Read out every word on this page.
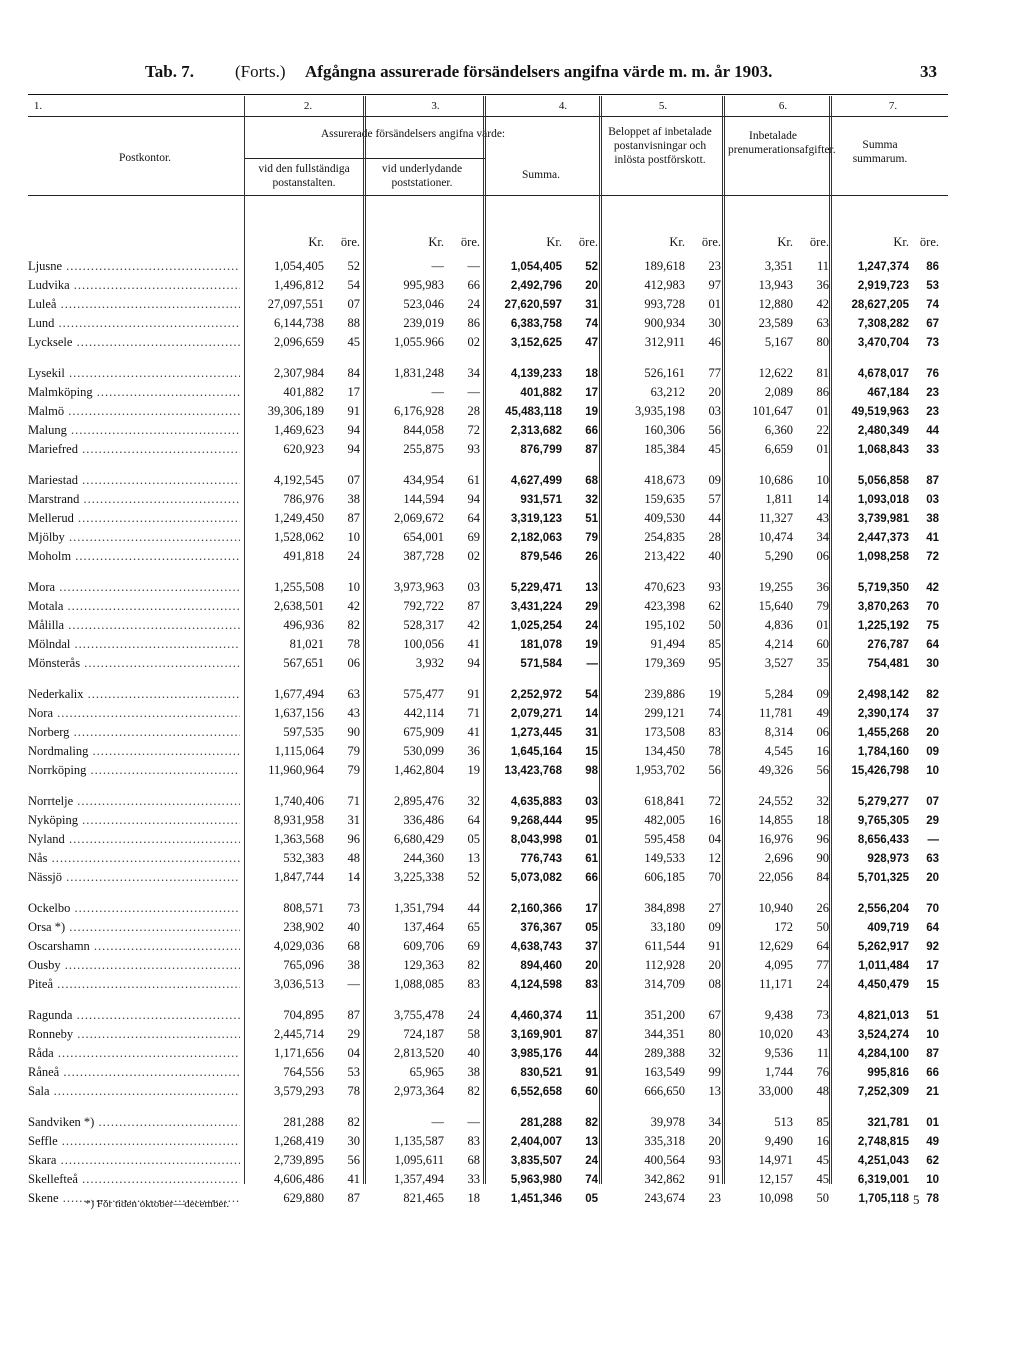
Tab. 7. (Forts.) Afgångna assurerade försändelsers angifna värde m. m. år 1903.	33
1.	2.	3.	4.	5.	6.	7.
Postkontor.
Assurerade försändelsers angifna värde:
vid den fullständiga postanstalten.
vid underlydande poststationer.
Summa.
Beloppet af inbetalade postanvisningar och inlösta postförskott.
Inbetalade prenumerationsafgifter.	Summa summarum.
	Kr.	öre.	Kr.	öre.	Kr.	öre.	Kr.	öre.	Kr.	öre.	Kr.	öre.

Ljusne .....	1,054,405	52	—	—	1,054,405	52	189,618	23	3,351	11	1,247,374	86

Ludvika .....	1,496,812	54	995,983	66	2,492,796	20	412,983	97	13,943	36	2,919,723	53

Luleå .....	27,097,551	07	523,046	24	27,620,597	31	993,728	01	12,880	42	28,627,205	74

Lund .....	6,144,738	88	239,019	86	6,383,758	74	900,934	30	23,589	63	7,308,282	67

Lycksele .....	2,096,659	45	1,055.966	02	3,152,625	47	312,911	46	5,167	80	3,470,704	73

Lysekil .....	2,307,984	84	1,831,248	34	4,139,233	18	526,161	77	12,622	81	4,678,017	76

Malmköping .....	401,882	17	—	—	401,882	17	63,212	20	2,089	86	467,184	23

Malmö .....	39,306,189	91	6,176,928	28	45,483,118	19	3,935,198	03	101,647	01	49,519,963	23

Malung .....	1,469,623	94	844,058	72	2,313,682	66	160,306	56	6,360	22	2,480,349	44

Mariefred .....	620,923	94	255,875	93	876,799	87	185,384	45	6,659	01	1,068,843	33

Mariestad .....	4,192,545	07	434,954	61	4,627,499	68	418,673	09	10,686	10	5,056,858	87

Marstrand .....	786,976	38	144,594	94	931,571	32	159,635	57	1,811	14	1,093,018	03

Mellerud .....	1,249,450	87	2,069,672	64	3,319,123	51	409,530	44	11,327	43	3,739,981	38

Mjölby .....	1,528,062	10	654,001	69	2,182,063	79	254,835	28	10,474	34	2,447,373	41

Moholm .....	491,818	24	387,728	02	879,546	26	213,422	40	5,290	06	1,098,258	72

Mora .....	1,255,508	10	3,973,963	03	5,229,471	13	470,623	93	19,255	36	5,719,350	42

Motala .....	2,638,501	42	792,722	87	3,431,224	29	423,398	62	15,640	79	3,870,263	70

Målilla .....	496,936	82	528,317	42	1,025,254	24	195,102	50	4,836	01	1,225,192	75

Mölndal .....	81,021	78	100,056	41	181,078	19	91,494	85	4,214	60	276,787	64

Mönsterås .....	567,651	06	3,932	94	571,584	—	179,369	95	3,527	35	754,481	30

Nederkalix .....	1,677,494	63	575,477	91	2,252,972	54	239,886	19	5,284	09	2,498,142	82

Nora .....	1,637,156	43	442,114	71	2,079,271	14	299,121	74	11,781	49	2,390,174	37

Norberg .....	597,535	90	675,909	41	1,273,445	31	173,508	83	8,314	06	1,455,268	20

Nordmaling .....	1,115,064	79	530,099	36	1,645,164	15	134,450	78	4,545	16	1,784,160	09

Norrköping .....	11,960,964	79	1,462,804	19	13,423,768	98	1,953,702	56	49,326	56	15,426,798	10

Norrtelje .....	1,740,406	71	2,895,476	32	4,635,883	03	618,841	72	24,552	32	5,279,277	07

Nyköping .....	8,931,958	31	336,486	64	9,268,444	95	482,005	16	14,855	18	9,765,305	29

Nyland .....	1,363,568	96	6,680,429	05	8,043,998	01	595,458	04	16,976	96	8,656,433	—

Nås .....	532,383	48	244,360	13	776,743	61	149,533	12	2,696	90	928,973	63

Nässjö .....	1,847,744	14	3,225,338	52	5,073,082	66	606,185	70	22,056	84	5,701,325	20

Ockelbo .....	808,571	73	1,351,794	44	2,160,366	17	384,898	27	10,940	26	2,556,204	70

Orsa *) .....	238,902	40	137,464	65	376,367	05	33,180	09	172	50	409,719	64

Oscarshamn .....	4,029,036	68	609,706	69	4,638,743	37	611,544	91	12,629	64	5,262,917	92

Ousby .....	765,096	38	129,363	82	894,460	20	112,928	20	4,095	77	1,011,484	17

Piteå .....	3,036,513	—	1,088,085	83	4,124,598	83	314,709	08	11,171	24	4,450,479	15

Ragunda .....	704,895	87	3,755,478	24	4,460,374	11	351,200	67	9,438	73	4,821,013	51

Ronneby .....	2,445,714	29	724,187	58	3,169,901	87	344,351	80	10,020	43	3,524,274	10

Råda .....	1,171,656	04	2,813,520	40	3,985,176	44	289,388	32	9,536	11	4,284,100	87

Råneå .....	764,556	53	65,965	38	830,521	91	163,549	99	1,744	76	995,816	66

Sala .....	3,579,293	78	2,973,364	82	6,552,658	60	666,650	13	33,000	48	7,252,309	21

Sandviken *) .....	281,288	82	—	—	281,288	82	39,978	34	513	85	321,781	01

Seffle .....	1,268,419	30	1,135,587	83	2,404,007	13	335,318	20	9,490	16	2,748,815	49

Skara .....	2,739,895	56	1,095,611	68	3,835,507	24	400,564	93	14,971	45	4,251,043	62

Skellefteå .....	4,606,486	41	1,357,494	33	5,963,980	74	342,862	91	12,157	45	6,319,001	10

Skene .....	629,880	87	821,465	18	1,451,346	05	243,674	23	10,098	50	1,705,118	78
*) För tiden oktober—december.	5
